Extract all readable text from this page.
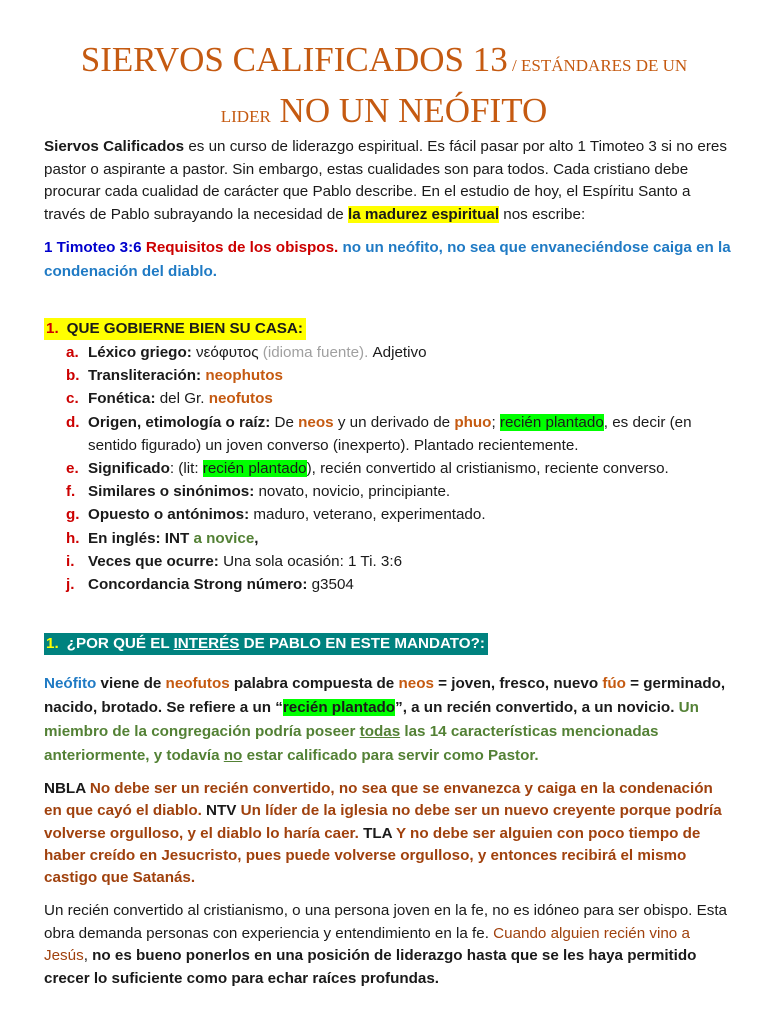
SIERVOS CALIFICADOS 13 / ESTÁNDARES DE UN
LIDER NO UN NEÓFITO
Siervos Calificados es un curso de liderazgo espiritual. Es fácil pasar por alto 1 Timoteo 3 si no eres pastor o aspirante a pastor. Sin embargo, estas cualidades son para todos. Cada cristiano debe procurar cada cualidad de carácter que Pablo describe. En el estudio de hoy, el Espíritu Santo a través de Pablo subrayando la necesidad de la madurez espiritual nos escribe:
1 Timoteo 3:6 Requisitos de los obispos. no un neófito, no sea que envaneciéndose caiga en la condenación del diablo.
1. QUE GOBIERNE BIEN SU CASA:
a. Léxico griego: νεόφυτος (idioma fuente). Adjetivo
b. Transliteración: neophutos
c. Fonética: del Gr. neofutos
d. Origen, etimología o raíz: De neos y un derivado de phuo; recién plantado, es decir (en sentido figurado) un joven converso (inexperto). Plantado recientemente.
e. Significado: (lit: recién plantado), recién convertido al cristianismo, reciente converso.
f. Similares o sinónimos: novato, novicio, principiante.
g. Opuesto o antónimos: maduro, veterano, experimentado.
h. En inglés: INT a novice,
i. Veces que ocurre: Una sola ocasión: 1 Ti. 3:6
j. Concordancia Strong número: g3504
1. ¿POR QUÉ EL INTERÉS DE PABLO EN ESTE MANDATO?:
Neófito viene de neofutos palabra compuesta de neos = joven, fresco, nuevo fúo = germinado, nacido, brotado. Se refiere a un “recién plantado”, a un recién convertido, a un novicio. Un miembro de la congregación podría poseer todas las 14 características mencionadas anteriormente, y todavía no estar calificado para servir como Pastor.
NBLA No debe ser un recién convertido, no sea que se envanezca y caiga en la condenación en que cayó el diablo. NTV Un líder de la iglesia no debe ser un nuevo creyente porque podría volverse orgulloso, y el diablo lo haría caer. TLA Y no debe ser alguien con poco tiempo de haber creído en Jesucristo, pues puede volverse orgulloso, y entonces recibirá el mismo castigo que Satanás.
Un recién convertido al cristianismo, o una persona joven en la fe, no es idóneo para ser obispo. Esta obra demanda personas con experiencia y entendimiento en la fe. Cuando alguien recién vino a Jesús, no es bueno ponerlos en una posición de liderazgo hasta que se les haya permitido crecer lo suficiente como para echar raíces profundas.
